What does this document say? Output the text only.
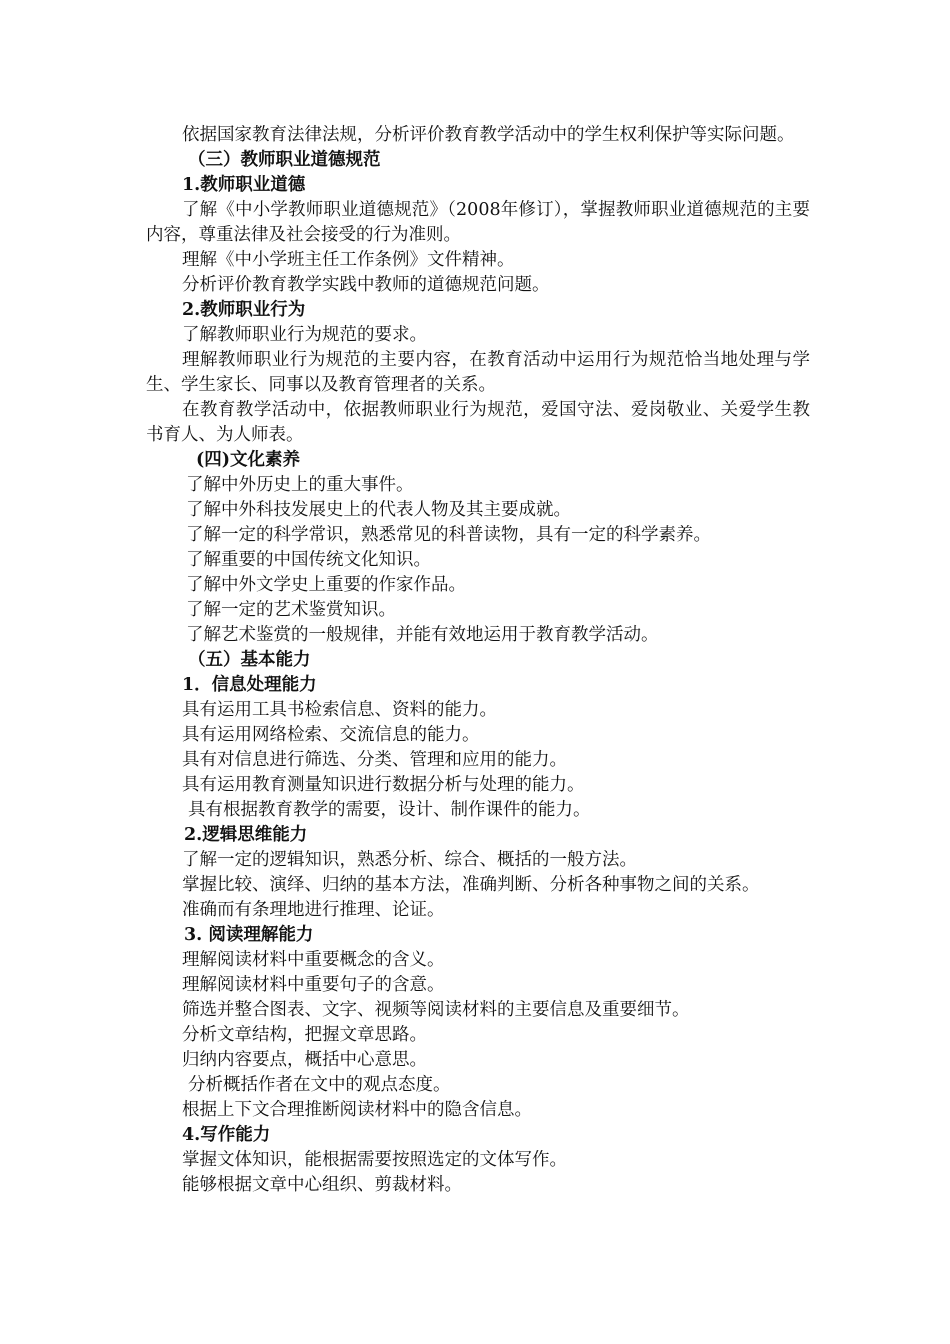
依据国家教育法律法规，分析评价教育教学活动中的学生权利保护等实际问题。
（三）教师职业道德规范
1.教师职业道德
了解《中小学教师职业道德规范》（2008年修订），掌握教师职业道德规范的主要内容，尊重法律及社会接受的行为准则。
理解《中小学班主任工作条例》文件精神。
分析评价教育教学实践中教师的道德规范问题。
2.教师职业行为
了解教师职业行为规范的要求。
理解教师职业行为规范的主要内容，在教育活动中运用行为规范恰当地处理与学生、学生家长、同事以及教育管理者的关系。
在教育教学活动中，依据教师职业行为规范，爱国守法、爱岗敬业、关爱学生教书育人、为人师表。
(四)文化素养
了解中外历史上的重大事件。
了解中外科技发展史上的代表人物及其主要成就。
了解一定的科学常识，熟悉常见的科普读物，具有一定的科学素养。
了解重要的中国传统文化知识。
了解中外文学史上重要的作家作品。
了解一定的艺术鉴赏知识。
了解艺术鉴赏的一般规律，并能有效地运用于教育教学活动。
（五）基本能力
1．信息处理能力
具有运用工具书检索信息、资料的能力。
具有运用网络检索、交流信息的能力。
具有对信息进行筛选、分类、管理和应用的能力。
具有运用教育测量知识进行数据分析与处理的能力。
具有根据教育教学的需要，设计、制作课件的能力。
2.逻辑思维能力
了解一定的逻辑知识，熟悉分析、综合、概括的一般方法。
掌握比较、演绎、归纳的基本方法，准确判断、分析各种事物之间的关系。
准确而有条理地进行推理、论证。
3. 阅读理解能力
理解阅读材料中重要概念的含义。
理解阅读材料中重要句子的含意。
筛选并整合图表、文字、视频等阅读材料的主要信息及重要细节。
分析文章结构，把握文章思路。
归纳内容要点，概括中心意思。
分析概括作者在文中的观点态度。
根据上下文合理推断阅读材料中的隐含信息。
4.写作能力
掌握文体知识，能根据需要按照选定的文体写作。
能够根据文章中心组织、剪裁材料。
